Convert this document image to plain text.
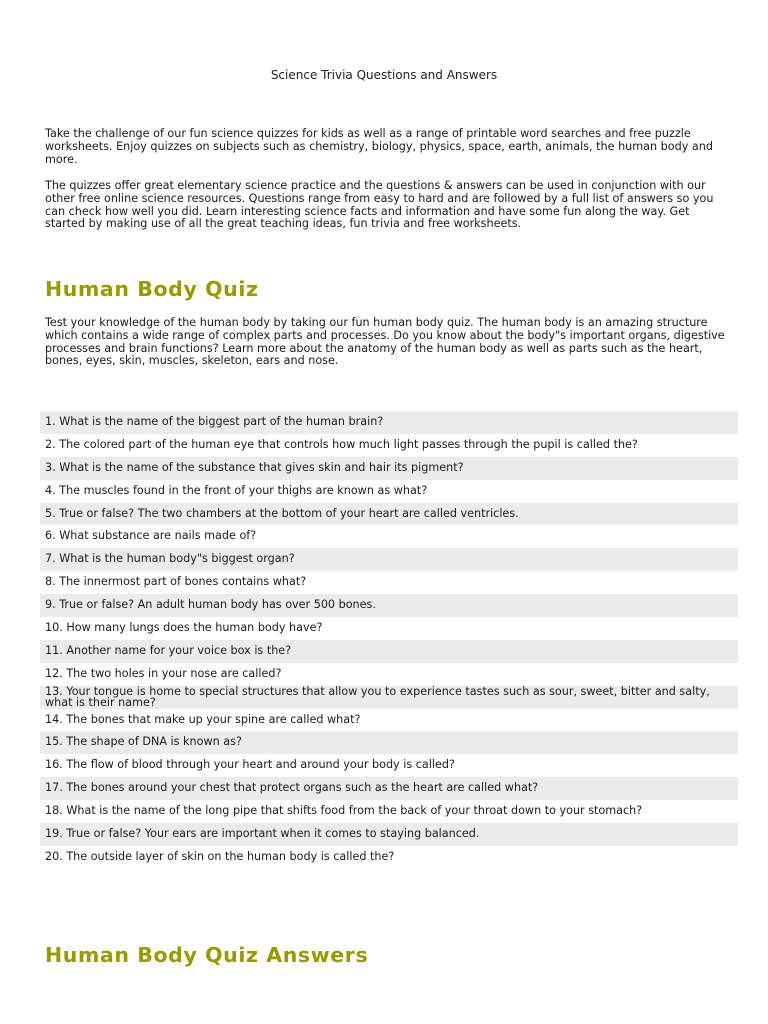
Science Trivia Questions and Answers

Take the challenge of our fun science quizzes for kids as well as a range of printable word searches and free puzzle worksheets. Enjoy quizzes on subjects such as chemistry, biology, physics, space, earth, animals, the human body and more.

The quizzes offer great elementary science practice and the questions & answers can be used in conjunction with our other free online science resources. Questions range from easy to hard and are followed by a full list of answers so you can check how well you did. Learn interesting science facts and information and have some fun along the way. Get started by making use of all the great teaching ideas, fun trivia and free worksheets.

Human Body Quiz

Test your knowledge of the human body by taking our fun human body quiz. The human body is an amazing structure which contains a wide range of complex parts and processes. Do you know about the body"s important organs, digestive processes and brain functions? Learn more about the anatomy of the human body as well as parts such as the heart, bones, eyes, skin, muscles, skeleton, ears and nose.

1. What is the name of the biggest part of the human brain?
2. The colored part of the human eye that controls how much light passes through the pupil is called the?
3. What is the name of the substance that gives skin and hair its pigment?
4. The muscles found in the front of your thighs are known as what?
5. True or false? The two chambers at the bottom of your heart are called ventricles.
6. What substance are nails made of?
7. What is the human body"s biggest organ?
8. The innermost part of bones contains what?
9. True or false? An adult human body has over 500 bones.
10. How many lungs does the human body have?
11. Another name for your voice box is the?
12. The two holes in your nose are called?
13. Your tongue is home to special structures that allow you to experience tastes such as sour, sweet, bitter and salty, what is their name?
14. The bones that make up your spine are called what?
15. The shape of DNA is known as?
16. The flow of blood through your heart and around your body is called?
17. The bones around your chest that protect organs such as the heart are called what?
18. What is the name of the long pipe that shifts food from the back of your throat down to your stomach?
19. True or false? Your ears are important when it comes to staying balanced.
20. The outside layer of skin on the human body is called the?
Human Body Quiz Answers
